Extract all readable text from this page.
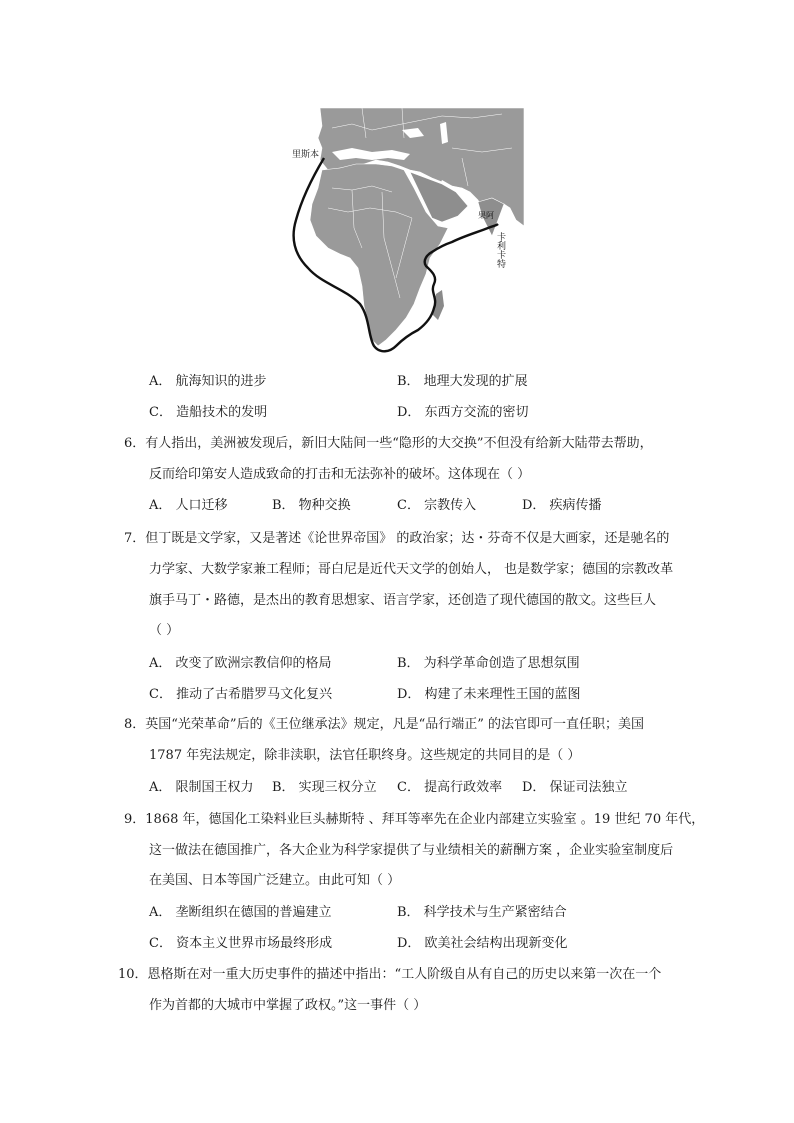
里斯本
果阿
卡利卡特
A． 航海知识的进步	B． 地理大发现的扩展
C． 造船技术的发明	D． 东西方交流的密切
6．有人指出，美洲被发现后，新旧大陆间一些“隐形的大交换”不但没有给新大陆带去帮助，
反而给印第安人造成致命的打击和无法弥补的破坏。这体现在（ ）
A． 人口迁移	B． 物种交换	C． 宗教传入	D． 疾病传播
7．但丁既是文学家，又是著述《论世界帝国》 的政治家；达・芬奇不仅是大画家，还是驰名的
力学家、大数学家兼工程师；哥白尼是近代天文学的创始人， 也是数学家；德国的宗教改革
旗手马丁・路德，是杰出的教育思想家、语言学家，还创造了现代德国的散文。这些巨人
（ ）
A． 改变了欧洲宗教信仰的格局	B． 为科学革命创造了思想氛围
C． 推动了古希腊罗马文化复兴	D． 构建了未来理性王国的蓝图
8．英国“光荣革命”后的《王位继承法》规定，凡是“品行端正” 的法官即可一直任职；美国
1787 年宪法规定，除非渎职，法官任职终身。这些规定的共同目的是（ ）
A． 限制国王权力 B． 实现三权分立 C． 提高行政效率 D． 保证司法独立
9．1868 年，德国化工染料业巨头赫斯特 、拜耳等率先在企业内部建立实验室 。19 世纪 70 年代，
这一做法在德国推广，各大企业为科学家提供了与业绩相关的薪酬方案 ，企业实验室制度后
在美国、日本等国广泛建立。由此可知（ ）
A． 垄断组织在德国的普遍建立	B． 科学技术与生产紧密结合
C． 资本主义世界市场最终形成	D． 欧美社会结构出现新变化
10．恩格斯在对一重大历史事件的描述中指出：“工人阶级自从有自己的历史以来第一次在一个
作为首都的大城市中掌握了政权。”这一事件（ ）
